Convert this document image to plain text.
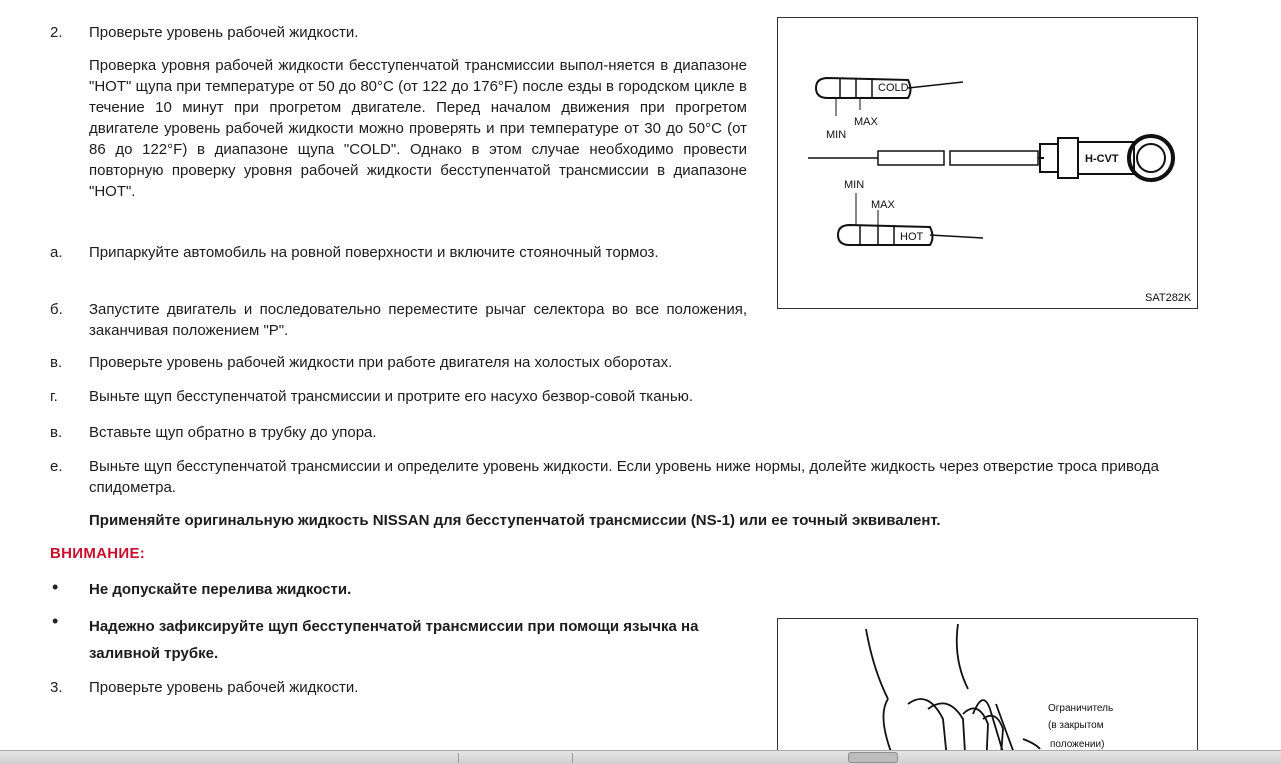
2. Проверьте уровень рабочей жидкости.
Проверка уровня рабочей жидкости бесступенчатой трансмиссии выпол-няется в диапазоне "HOT" щупа при температуре от 50 до 80°C (от 122 до 176°F) после езды в городском цикле в течение 10 минут при прогретом двигателе. Перед началом движения при прогретом двигателе уровень рабочей жидкости можно проверять и при температуре от 30 до 50°C (от 86 до 122°F) в диапазоне щупа "COLD". Однако в этом случае необходимо провести повторную проверку уровня рабочей жидкости бесступенчатой трансмиссии в диапазоне "HOT".
а. Припаркуйте автомобиль на ровной поверхности и включите стояночный тормоз.
б. Запустите двигатель и последовательно переместите рычаг селектора во все положения, заканчивая положением "P".
в. Проверьте уровень рабочей жидкости при работе двигателя на холостых оборотах.
г. Выньте щуп бесступенчатой трансмиссии и протрите его насухо безвор-совой тканью.
в. Вставьте щуп обратно в трубку до упора.
е. Выньте щуп бесступенчатой трансмиссии и определите уровень жидкости. Если уровень ниже нормы, долейте жидкость через отверстие троса привода спидометра.
Применяйте оригинальную жидкость NISSAN для бесступенчатой трансмиссии (NS-1) или ее точный эквивалент.
ВНИМАНИЕ:
• Не допускайте перелива жидкости.
• Надежно зафиксируйте щуп бесступенчатой трансмиссии при помощи язычка на заливной трубке.
3. Проверьте уровень рабочей жидкости.
COLD
MIN
MAX
H-CVT
MIN
MAX
HOT
SAT282K
Ограничитель
(в закрытом
положении)
